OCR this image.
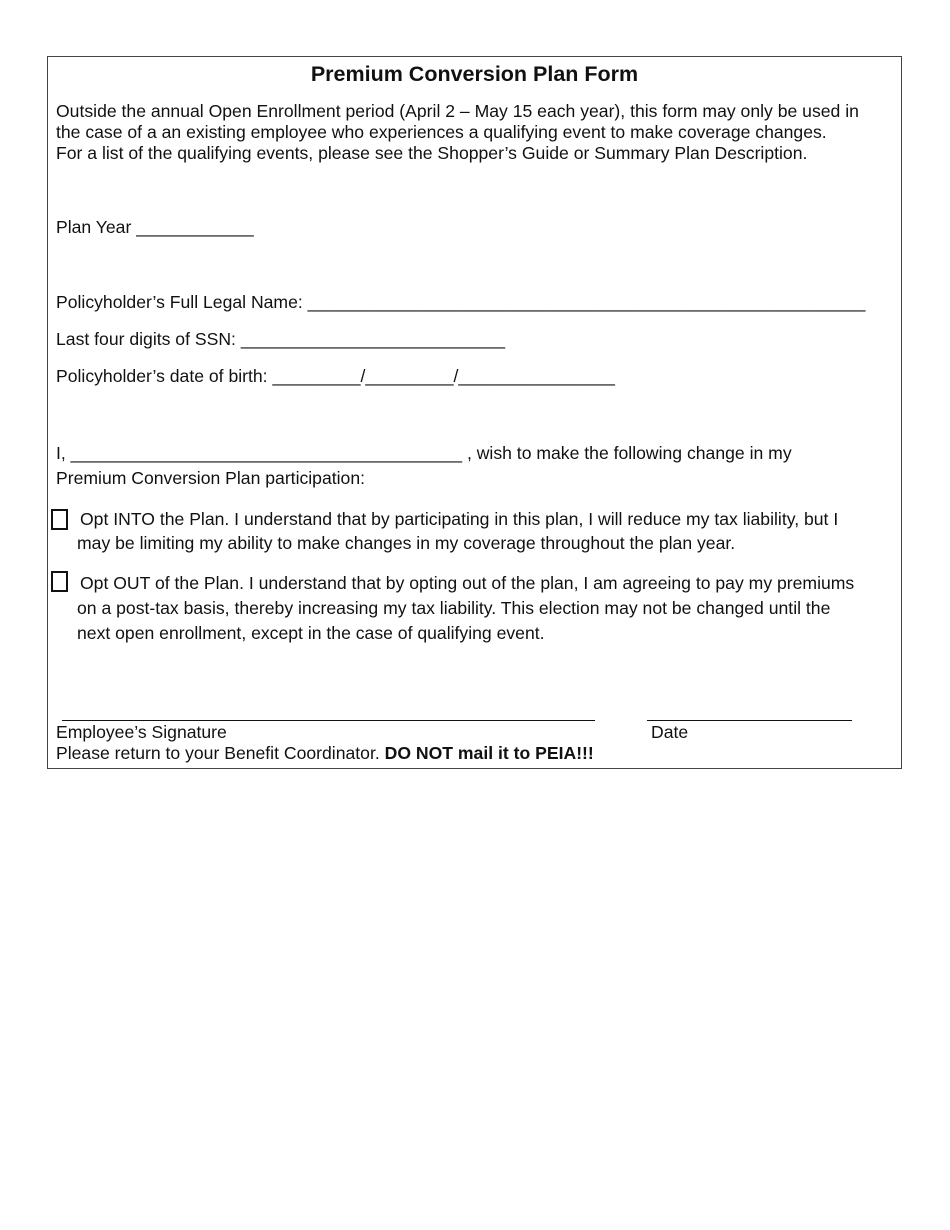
Premium Conversion Plan Form
Outside the annual Open Enrollment period (April 2 – May 15 each year), this form may only be used in
the case of a an existing employee who experiences a qualifying event to make coverage changes.
For a list of the qualifying events, please see the Shopper’s Guide or Summary Plan Description.
Plan Year ____________
Policyholder’s Full Legal Name: _________________________________________________________
Last four digits of SSN: ___________________________
Policyholder’s date of birth: _________/_________/________________
I, ________________________________________ , wish to make the following change in my
Premium Conversion Plan participation:
Opt INTO the Plan. I understand that by participating in this plan, I will reduce my tax liability, but I
may be limiting my ability to make changes in my coverage throughout the plan year.
Opt OUT of the Plan. I understand that by opting out of the plan, I am agreeing to pay my premiums
on a post-tax basis, thereby increasing my tax liability. This election may not be changed until the
next open enrollment, except in the case of qualifying event.
Employee’s Signature	Date
Please return to your Benefit Coordinator. DO NOT mail it to PEIA!!!
